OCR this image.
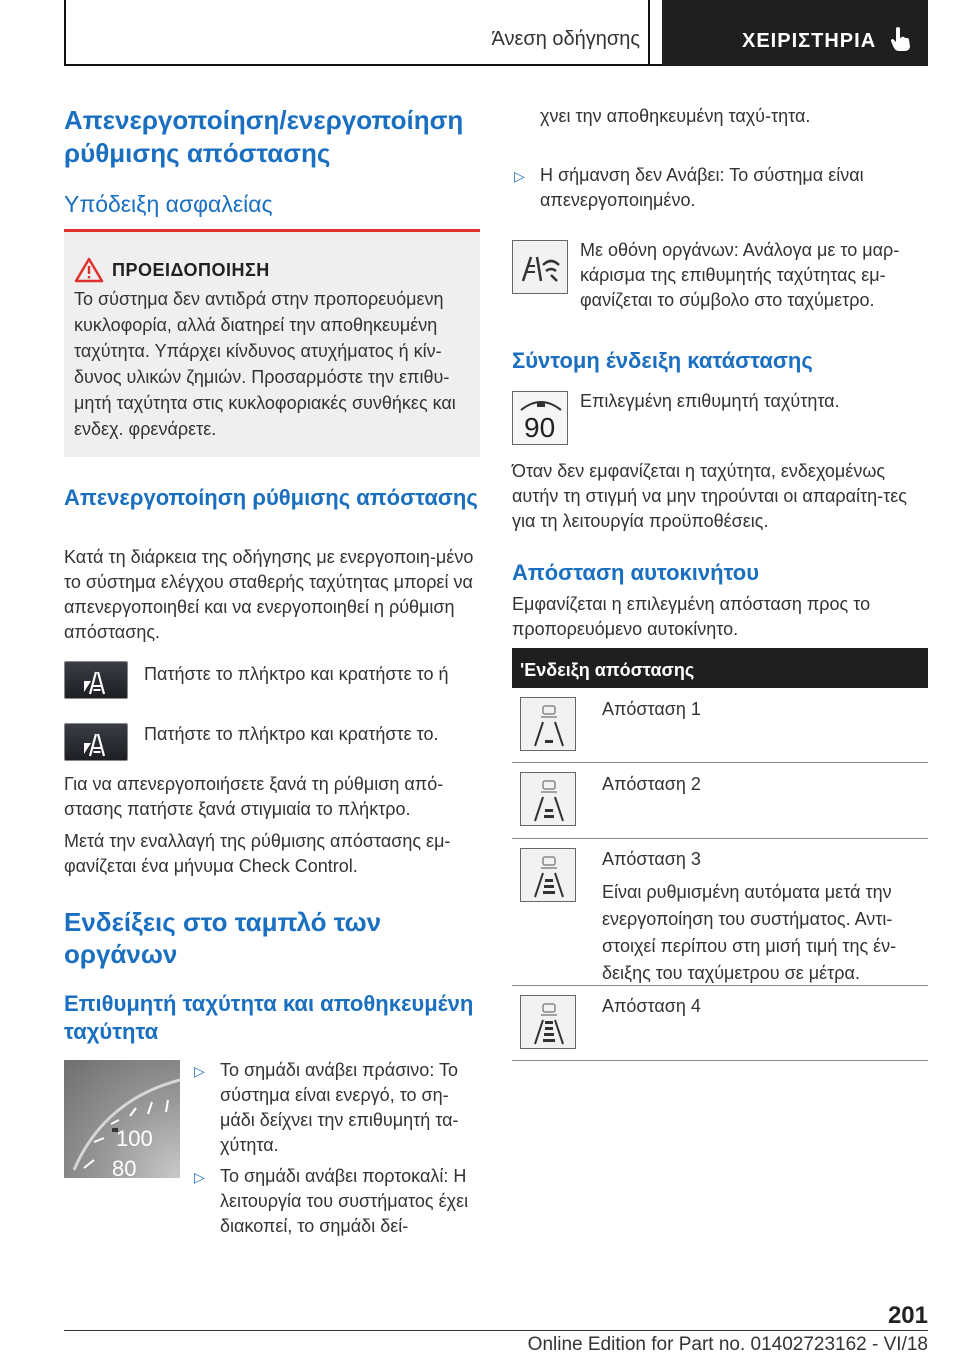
Άνεση οδήγησης	ΧΕΙΡΙΣΤΗΡΙΑ
Απενεργοποίηση/ενεργοποίηση ρύθμισης απόστασης
Υπόδειξη ασφαλείας
ΠΡΟΕΙΔΟΠΟΙΗΣΗ
Το σύστημα δεν αντιδρά στην προπορευόμενη κυκλοφορία, αλλά διατηρεί την αποθηκευμένη ταχύτητα. Υπάρχει κίνδυνος ατυχήματος ή κίν-δυνος υλικών ζημιών. Προσαρμόστε την επιθυ-μητή ταχύτητα στις κυκλοφοριακές συνθήκες και ενδεχ. φρενάρετε.
Απενεργοποίηση ρύθμισης απόστασης
Κατά τη διάρκεια της οδήγησης με ενεργοποιη-μένο το σύστημα ελέγχου σταθερής ταχύτητας μπορεί να απενεργοποιηθεί και να ενεργοποιηθεί η ρύθμιση απόστασης.
Πατήστε το πλήκτρο και κρατήστε το ή
Πατήστε το πλήκτρο και κρατήστε το.
Για να απενεργοποιήσετε ξανά τη ρύθμιση από-στασης πατήστε ξανά στιγμιαία το πλήκτρο.
Μετά την εναλλαγή της ρύθμισης απόστασης εμ-φανίζεται ένα μήνυμα Check Control.
Ενδείξεις στο ταμπλό των οργάνων
Επιθυμητή ταχύτητα και αποθηκευμένη ταχύτητα
100
80
▷ Το σημάδι ανάβει πράσινο: Το σύστημα είναι ενεργό, το ση-μάδι δείχνει την επιθυμητή τα-χύτητα.
▷ Το σημάδι ανάβει πορτοκαλί: Η λειτουργία του συστήματος έχει διακοπεί, το σημάδι δεί-
χνει την αποθηκευμένη ταχύ-τητα.
▷ Η σήμανση δεν Ανάβει: Το σύστημα είναι απενεργοποιημένο.
Με οθόνη οργάνων: Ανάλογα με το μαρ-κάρισμα της επιθυμητής ταχύτητας εμ-φανίζεται το σύμβολο στο ταχύμετρο.
Σύντομη ένδειξη κατάστασης
90
Επιλεγμένη επιθυμητή ταχύτητα.
Όταν δεν εμφανίζεται η ταχύτητα, ενδεχομένως αυτήν τη στιγμή να μην τηρούνται οι απαραίτη-τες για τη λειτουργία προϋποθέσεις.
Απόσταση αυτοκινήτου
Εμφανίζεται η επιλεγμένη απόσταση προς το προπορευόμενο αυτοκίνητο.
'Ενδειξη απόστασης
Απόσταση 1
Απόσταση 2
Απόσταση 3
Είναι ρυθμισμένη αυτόματα μετά την ενεργοποίηση του συστήματος. Αντι-στοιχεί περίπου στη μισή τιμή της έν-δειξης του ταχύμετρου σε μέτρα.
Απόσταση 4
201
Online Edition for Part no. 01402723162 - VI/18
